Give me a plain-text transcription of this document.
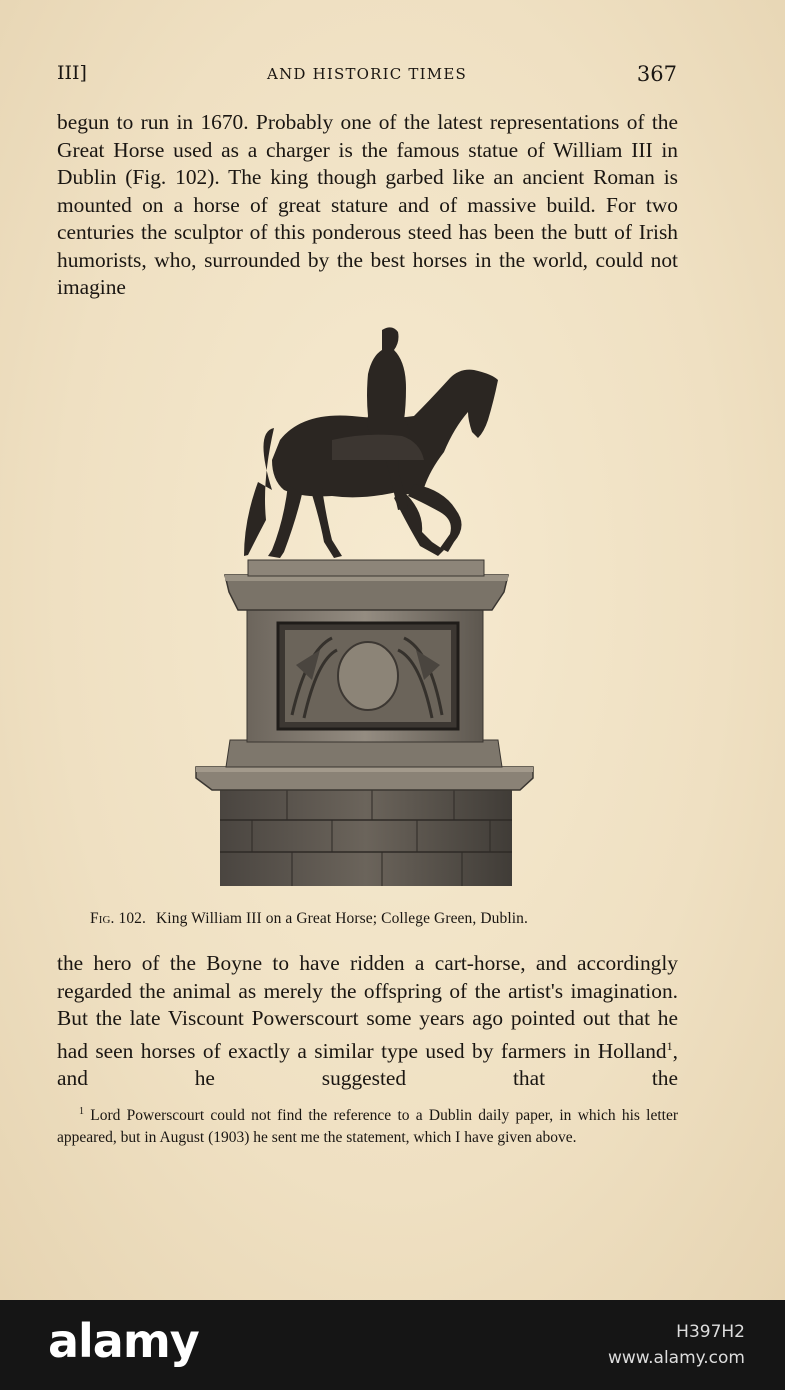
III]	AND HISTORIC TIMES	367

begun to run in 1670. Probably one of the latest representations of the Great Horse used as a charger is the famous statue of William III in Dublin (Fig. 102). The king though garbed like an ancient Roman is mounted on a horse of great stature and of massive build. For two centuries the sculptor of this ponderous steed has been the butt of Irish humorists, who, surrounded by the best horses in the world, could not imagine

Fig. 102. King William III on a Great Horse; College Green, Dublin.

the hero of the Boyne to have ridden a cart-horse, and accordingly regarded the animal as merely the offspring of the artist's imagination. But the late Viscount Powerscourt some years ago pointed out that he had seen horses of exactly a similar type used by farmers in Holland$^1$, and he suggested that the

$^1$ Lord Powerscourt could not find the reference to a Dublin daily paper, in which his letter appeared, but in August (1903) he sent me the statement, which I have given above.

alamy	H397H2
www.alamy.com
